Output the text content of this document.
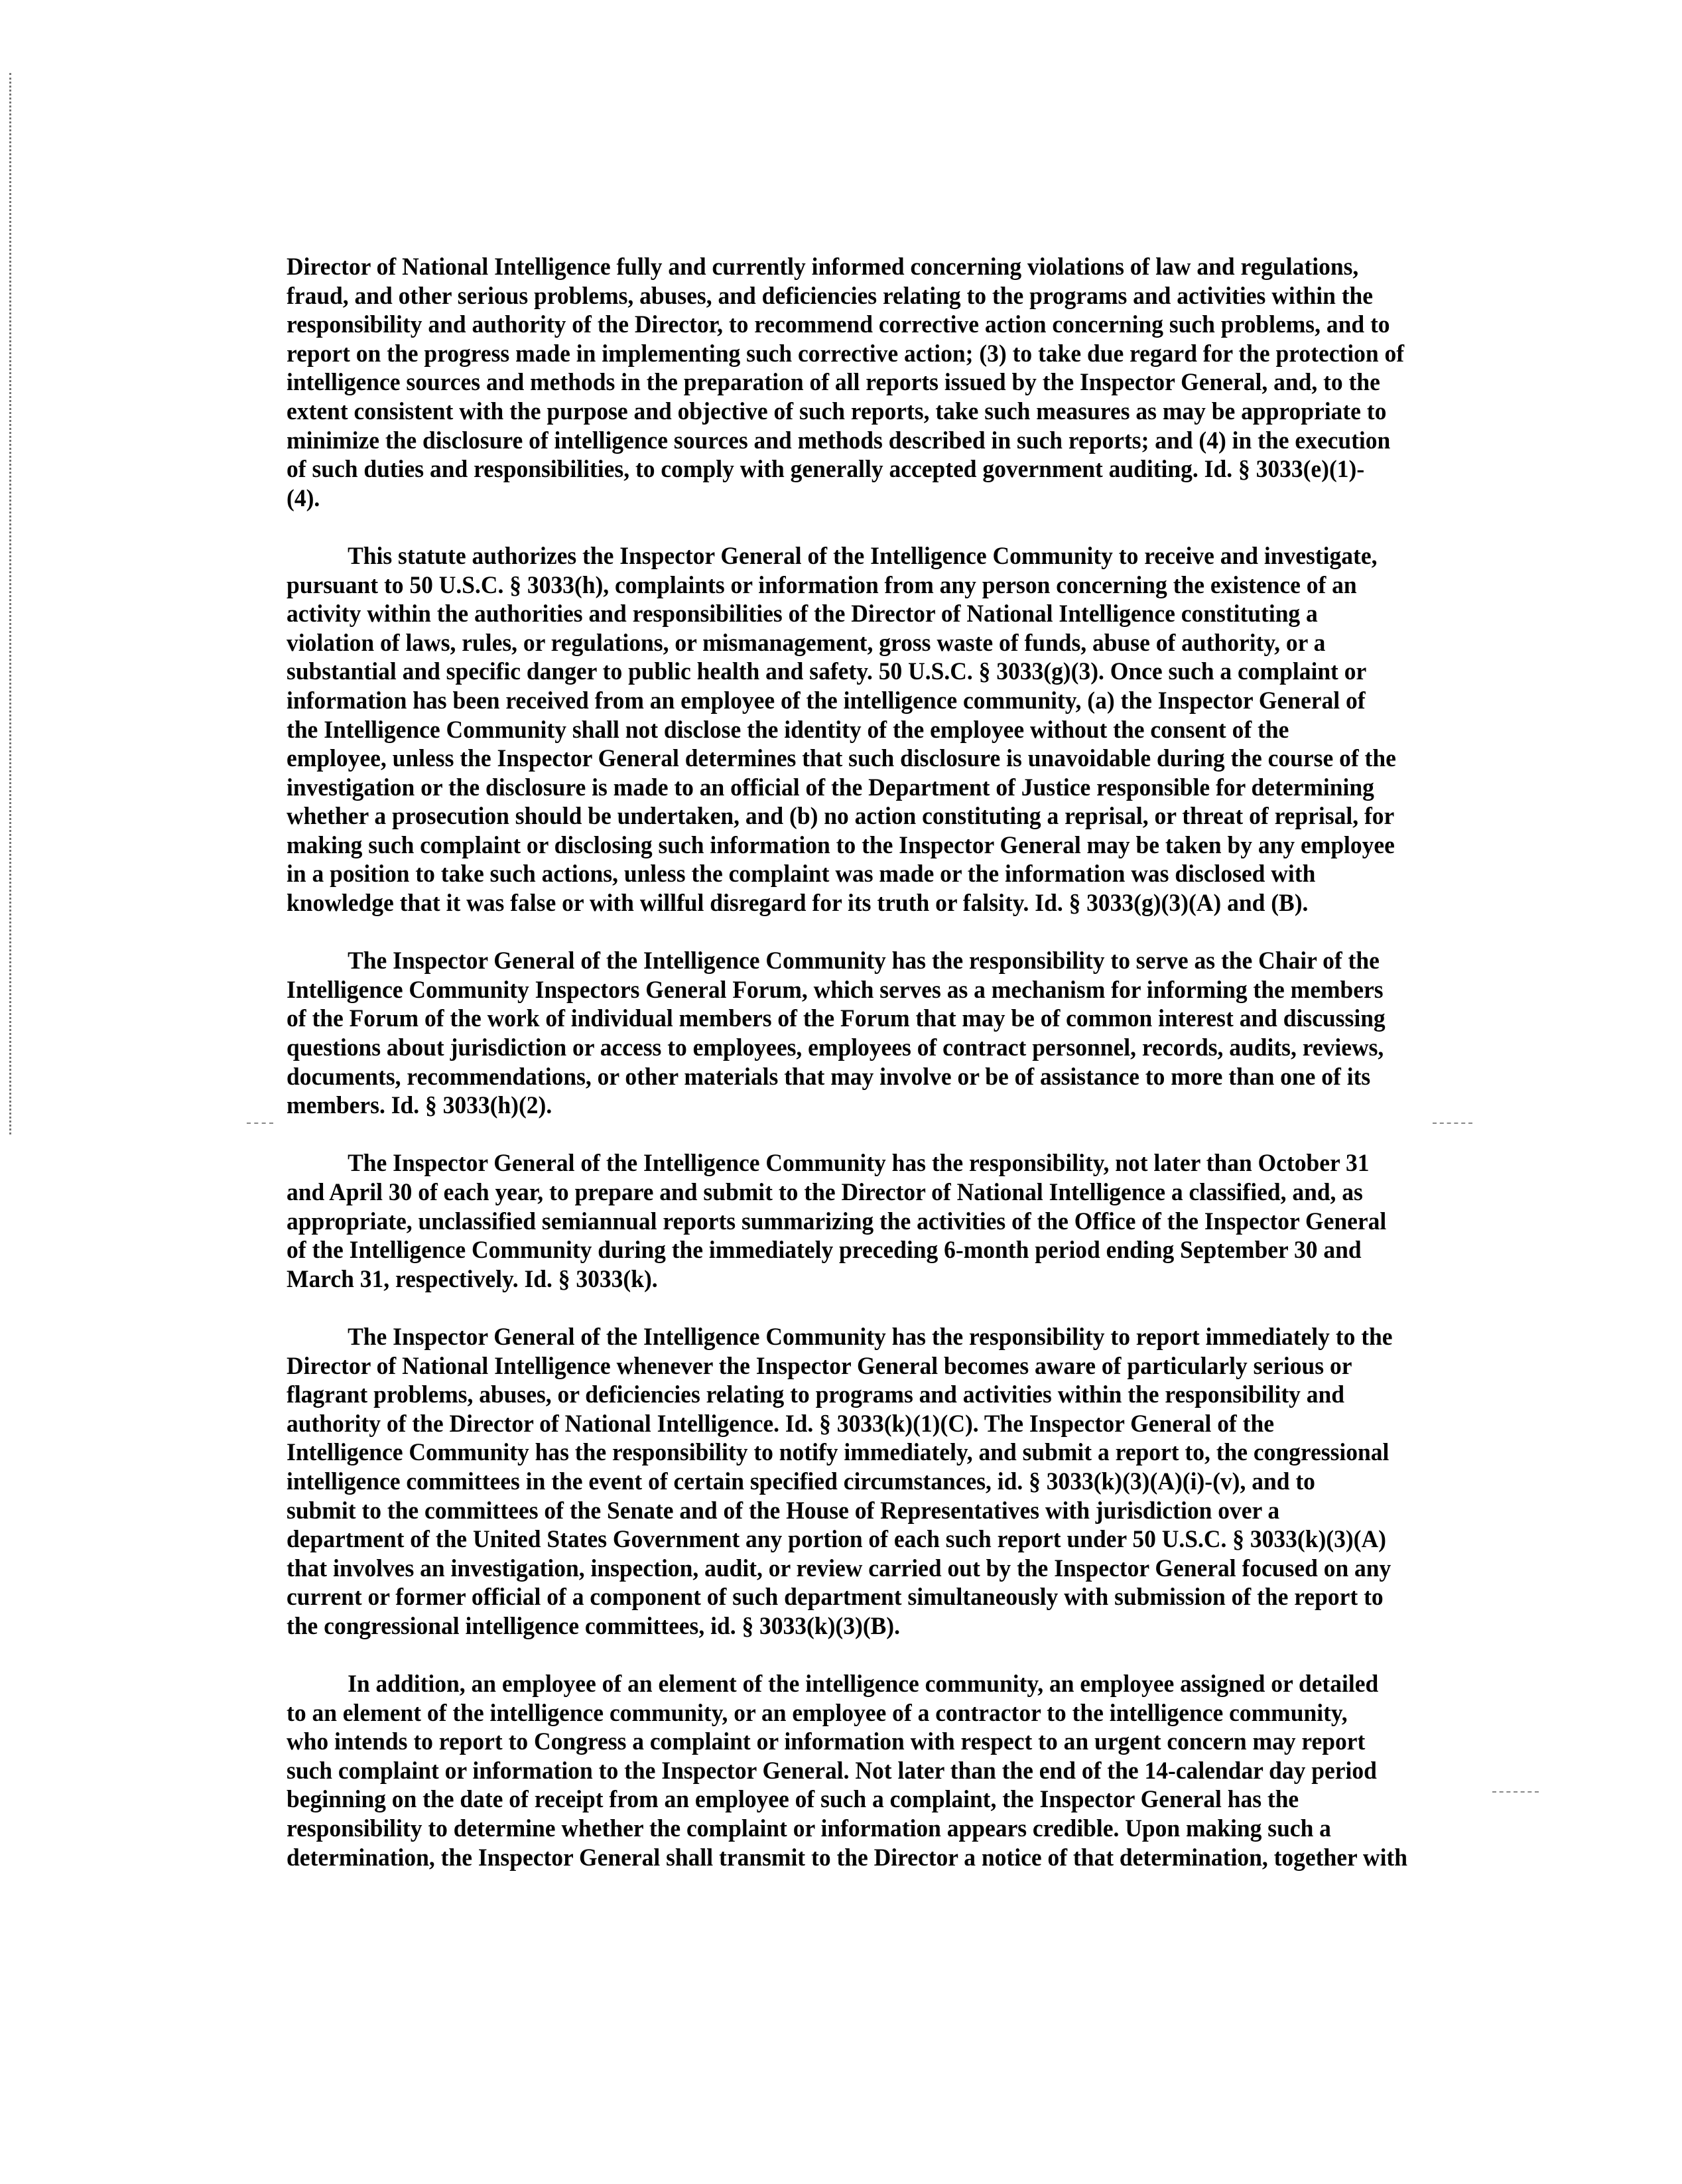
Director of National Intelligence fully and currently informed concerning violations of law and regulations,
fraud, and other serious problems, abuses, and deficiencies relating to the programs and activities within the
responsibility and authority of the Director, to recommend corrective action concerning such problems, and to
report on the progress made in implementing such corrective action; (3) to take due regard for the protection of
intelligence sources and methods in the preparation of all reports issued by the Inspector General, and, to the
extent consistent with the purpose and objective of such reports, take such measures as may be appropriate to
minimize the disclosure of intelligence sources and methods described in such reports; and (4) in the execution
of such duties and responsibilities, to comply with generally accepted government auditing. Id. § 3033(e)(1)-
(4).
This statute authorizes the Inspector General of the Intelligence Community to receive and investigate,
pursuant to 50 U.S.C. § 3033(h), complaints or information from any person concerning the existence of an
activity within the authorities and responsibilities of the Director of National Intelligence constituting a
violation of laws, rules, or regulations, or mismanagement, gross waste of funds, abuse of authority, or a
substantial and specific danger to public health and safety. 50 U.S.C. § 3033(g)(3). Once such a complaint or
information has been received from an employee of the intelligence community, (a) the Inspector General of
the Intelligence Community shall not disclose the identity of the employee without the consent of the
employee, unless the Inspector General determines that such disclosure is unavoidable during the course of the
investigation or the disclosure is made to an official of the Department of Justice responsible for determining
whether a prosecution should be undertaken, and (b) no action constituting a reprisal, or threat of reprisal, for
making such complaint or disclosing such information to the Inspector General may be taken by any employee
in a position to take such actions, unless the complaint was made or the information was disclosed with
knowledge that it was false or with willful disregard for its truth or falsity. Id. § 3033(g)(3)(A) and (B).
The Inspector General of the Intelligence Community has the responsibility to serve as the Chair of the
Intelligence Community Inspectors General Forum, which serves as a mechanism for informing the members
of the Forum of the work of individual members of the Forum that may be of common interest and discussing
questions about jurisdiction or access to employees, employees of contract personnel, records, audits, reviews,
documents, recommendations, or other materials that may involve or be of assistance to more than one of its
members. Id. § 3033(h)(2).
The Inspector General of the Intelligence Community has the responsibility, not later than October 31
and April 30 of each year, to prepare and submit to the Director of National Intelligence a classified, and, as
appropriate, unclassified semiannual reports summarizing the activities of the Office of the Inspector General
of the Intelligence Community during the immediately preceding 6-month period ending September 30 and
March 31, respectively. Id. § 3033(k).
The Inspector General of the Intelligence Community has the responsibility to report immediately to the
Director of National Intelligence whenever the Inspector General becomes aware of particularly serious or
flagrant problems, abuses, or deficiencies relating to programs and activities within the responsibility and
authority of the Director of National Intelligence. Id. § 3033(k)(1)(C). The Inspector General of the
Intelligence Community has the responsibility to notify immediately, and submit a report to, the congressional
intelligence committees in the event of certain specified circumstances, id. § 3033(k)(3)(A)(i)-(v), and to
submit to the committees of the Senate and of the House of Representatives with jurisdiction over a
department of the United States Government any portion of each such report under 50 U.S.C. § 3033(k)(3)(A)
that involves an investigation, inspection, audit, or review carried out by the Inspector General focused on any
current or former official of a component of such department simultaneously with submission of the report to
the congressional intelligence committees, id. § 3033(k)(3)(B).
In addition, an employee of an element of the intelligence community, an employee assigned or detailed
to an element of the intelligence community, or an employee of a contractor to the intelligence community,
who intends to report to Congress a complaint or information with respect to an urgent concern may report
such complaint or information to the Inspector General. Not later than the end of the 14-calendar day period
beginning on the date of receipt from an employee of such a complaint, the Inspector General has the
responsibility to determine whether the complaint or information appears credible. Upon making such a
determination, the Inspector General shall transmit to the Director a notice of that determination, together with
